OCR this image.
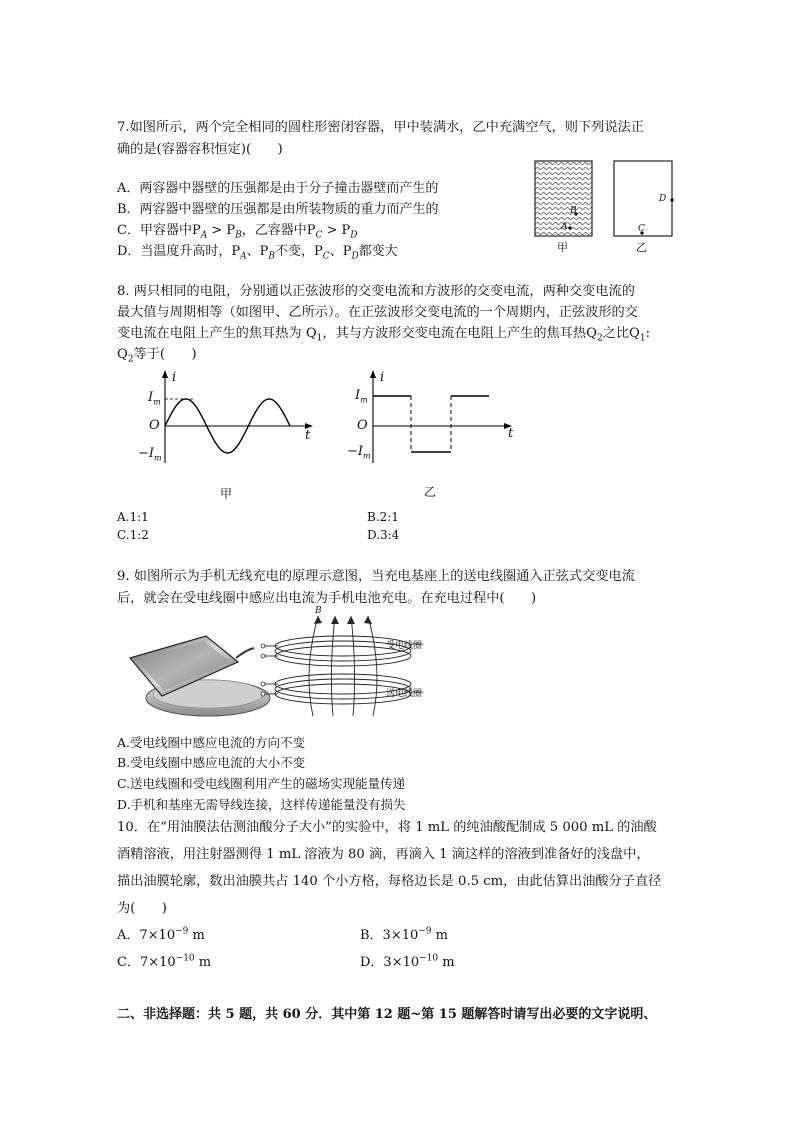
7.如图所示，两个完全相同的圆柱形密闭容器，甲中装满水，乙中充满空气，则下列说法正
确的是(容器容积恒定)(　　)
A．两容器中器壁的压强都是由于分子撞击器壁而产生的
B．两容器中器壁的压强都是由所装物质的重力而产生的
C．甲容器中$P_A > P_B$，乙容器中$P_C > P_D$
D．当温度升高时，$P_A$、$P_B$不变，$P_C$、$P_D$都变大
B
A
D
C
甲	乙
8. 两只相同的电阻，分别通以正弦波形的交变电流和方波形的交变电流，两种交变电流的
最大值与周期相等（如图甲、乙所示）。在正弦波形交变电流的一个周期内，正弦波形的交
变电流在电阻上产生的焦耳热为 $Q_1$，其与方波形交变电流在电阻上产生的焦耳热$Q_2$之比$Q_1$:
$Q_2$等于(　　)
i
$I_m$
O
$-I_m$
t
甲
i
$I_m$
O
$-I_m$
t
乙
A.1:1	B.2:1
C.1:2	D.3:4
9. 如图所示为手机无线充电的原理示意图，当充电基座上的送电线圈通入正弦式交变电流
后，就会在受电线圈中感应出电流为手机电池充电。在充电过程中(　　)
B
受电线圈
送电线圈
A.受电线圈中感应电流的方向不变
B.受电线圈中感应电流的大小不变
C.送电线圈和受电线圈利用产生的磁场实现能量传递
D.手机和基座无需导线连接，这样传递能量没有损失
10．在“用油膜法估测油酸分子大小”的实验中，将 1 mL 的纯油酸配制成 5 000 mL 的油酸
酒精溶液，用注射器测得 1 mL 溶液为 80 滴，再滴入 1 滴这样的溶液到准备好的浅盘中，
描出油膜轮廓，数出油膜共占 140 个小方格，每格边长是 0.5 cm，由此估算出油酸分子直径
为(　　)
A．$7\times 10^{-9}$ m	B．$3\times 10^{-9}$ m
C．$7\times 10^{-10}$ m	D．$3\times 10^{-10}$ m
二、非选择题：共 5 题，共 60 分．其中第 12 题~第 15 题解答时请写出必要的文字说明、
